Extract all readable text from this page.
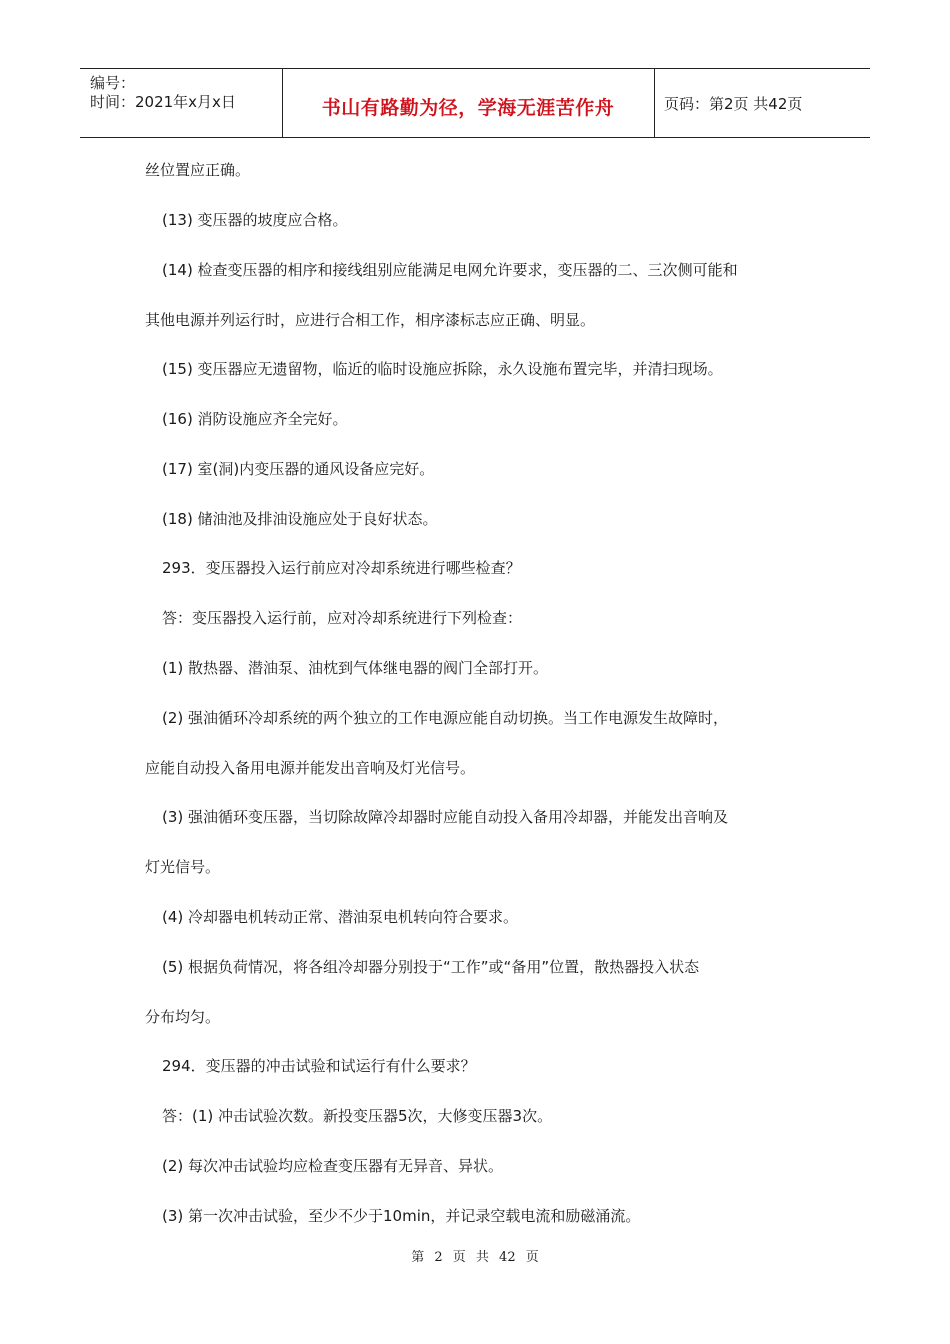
编号：
时间：2021年x月x日	书山有路勤为径，学海无涯苦作舟	页码：第2页 共42页
丝位置应正确。
(13) 变压器的坡度应合格。
(14) 检查变压器的相序和接线组别应能满足电网允许要求，变压器的二、三次侧可能和
其他电源并列运行时，应进行合相工作，相序漆标志应正确、明显。
(15) 变压器应无遗留物，临近的临时设施应拆除，永久设施布置完毕，并清扫现场。
(16) 消防设施应齐全完好。
(17) 室(洞)内变压器的通风设备应完好。
(18) 储油池及排油设施应处于良好状态。
293．变压器投入运行前应对冷却系统进行哪些检查？
答：变压器投入运行前，应对冷却系统进行下列检查：
(1) 散热器、潜油泵、油枕到气体继电器的阀门全部打开。
(2) 强油循环冷却系统的两个独立的工作电源应能自动切换。当工作电源发生故障时，
应能自动投入备用电源并能发出音响及灯光信号。
(3) 强油循环变压器，当切除故障冷却器时应能自动投入备用冷却器，并能发出音响及
灯光信号。
(4) 冷却器电机转动正常、潜油泵电机转向符合要求。
(5) 根据负荷情况，将各组冷却器分别投于“工作”或“备用”位置，散热器投入状态
分布均匀。
294．变压器的冲击试验和试运行有什么要求？
答：(1) 冲击试验次数。新投变压器5次，大修变压器3次。
(2) 每次冲击试验均应检查变压器有无异音、异状。
(3) 第一次冲击试验，至少不少于10min，并记录空载电流和励磁涌流。
第 2 页 共 42 页
